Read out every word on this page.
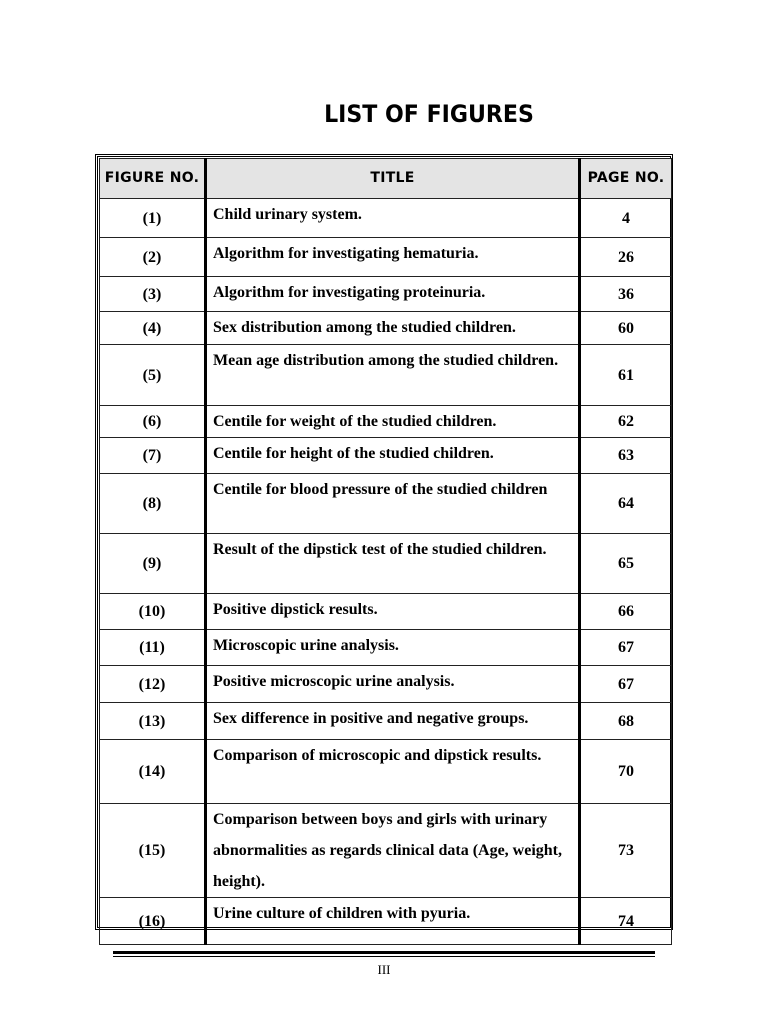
LIST OF FIGURES
FIGURE NO.	TITLE	PAGE NO.
(1)	Child urinary system.	4
(2)	Algorithm for investigating hematuria.	26
(3)	Algorithm for investigating proteinuria.	36
(4)	Sex distribution among the studied children.	60
(5)	Mean age distribution among the studied children.	61
(6)	Centile for weight of the studied children.	62
(7)	Centile for height of the studied children.	63
(8)	Centile for blood pressure of the studied children	64
(9)	Result of the dipstick test of the studied children.	65
(10)	Positive dipstick results.	66
(11)	Microscopic urine analysis.	67
(12)	Positive microscopic urine analysis.	67
(13)	Sex difference in positive and negative groups.	68
(14)	Comparison of microscopic and dipstick results.	70
(15)	Comparison between boys and girls with urinary abnormalities as regards clinical data (Age, weight, height).	73
(16)	Urine culture of children with pyuria.	74
III
